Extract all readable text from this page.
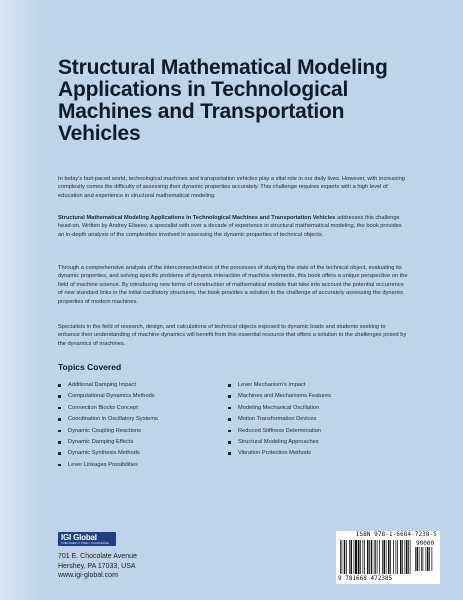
Structural Mathematical Modeling Applications in Technological Machines and Transportation Vehicles
In today's fast-paced world, technological machines and transportation vehicles play a vital role in our daily lives. However, with increasing complexity comes the difficulty of assessing their dynamic properties accurately. This challenge requires experts with a high level of education and experience in structural mathematical modeling.
Structural Mathematical Modeling Applications in Technological Machines and Transportation Vehicles addresses this challenge head-on. Written by Andrey Eliseev, a specialist with over a decade of experience in structural mathematical modeling, the book provides an in-depth analysis of the complexities involved in assessing the dynamic properties of technical objects.
Through a comprehensive analysis of the interconnectedness of the processes of studying the state of the technical object, evaluating its dynamic properties, and solving specific problems of dynamic interaction of machine elements, this book offers a unique perspective on the field of machine science. By introducing new forms of construction of mathematical models that take into account the potential occurrence of new standard links in the initial oscillatory structures, the book provides a solution to the challenge of accurately assessing the dynamic properties of modern machines.
Specialists in the field of research, design, and calculations of technical objects exposed to dynamic loads and students seeking to enhance their understanding of machine dynamics will benefit from this essential resource that offers a solution to the challenges posed by the dynamics of machines.
Topics Covered
Additional Damping Impact
Computational Dynamics Methods
Connection Blocks Concept
Coordination in Oscillatory Systems
Dynamic Coupling Reactions
Dynamic Damping Effects
Dynamic Synthesis Methods
Lever Linkages Possibilities
Lever Mechanism's Impact
Machines and Mechanisms Features
Modeling Mechanical Oscillation
Motion Transformation Devices
Reduced Stiffness Determination
Structural Modeling Approaches
Vibration Protection Methods
IGI Global
PUBLISHER of TIMELY KNOWLEDGE
701 E. Chocolate Avenue
Hershey, PA 17033, USA
www.igi-global.com
ISBN 978-1-6684-7238-5
90000
9 781668 472385
